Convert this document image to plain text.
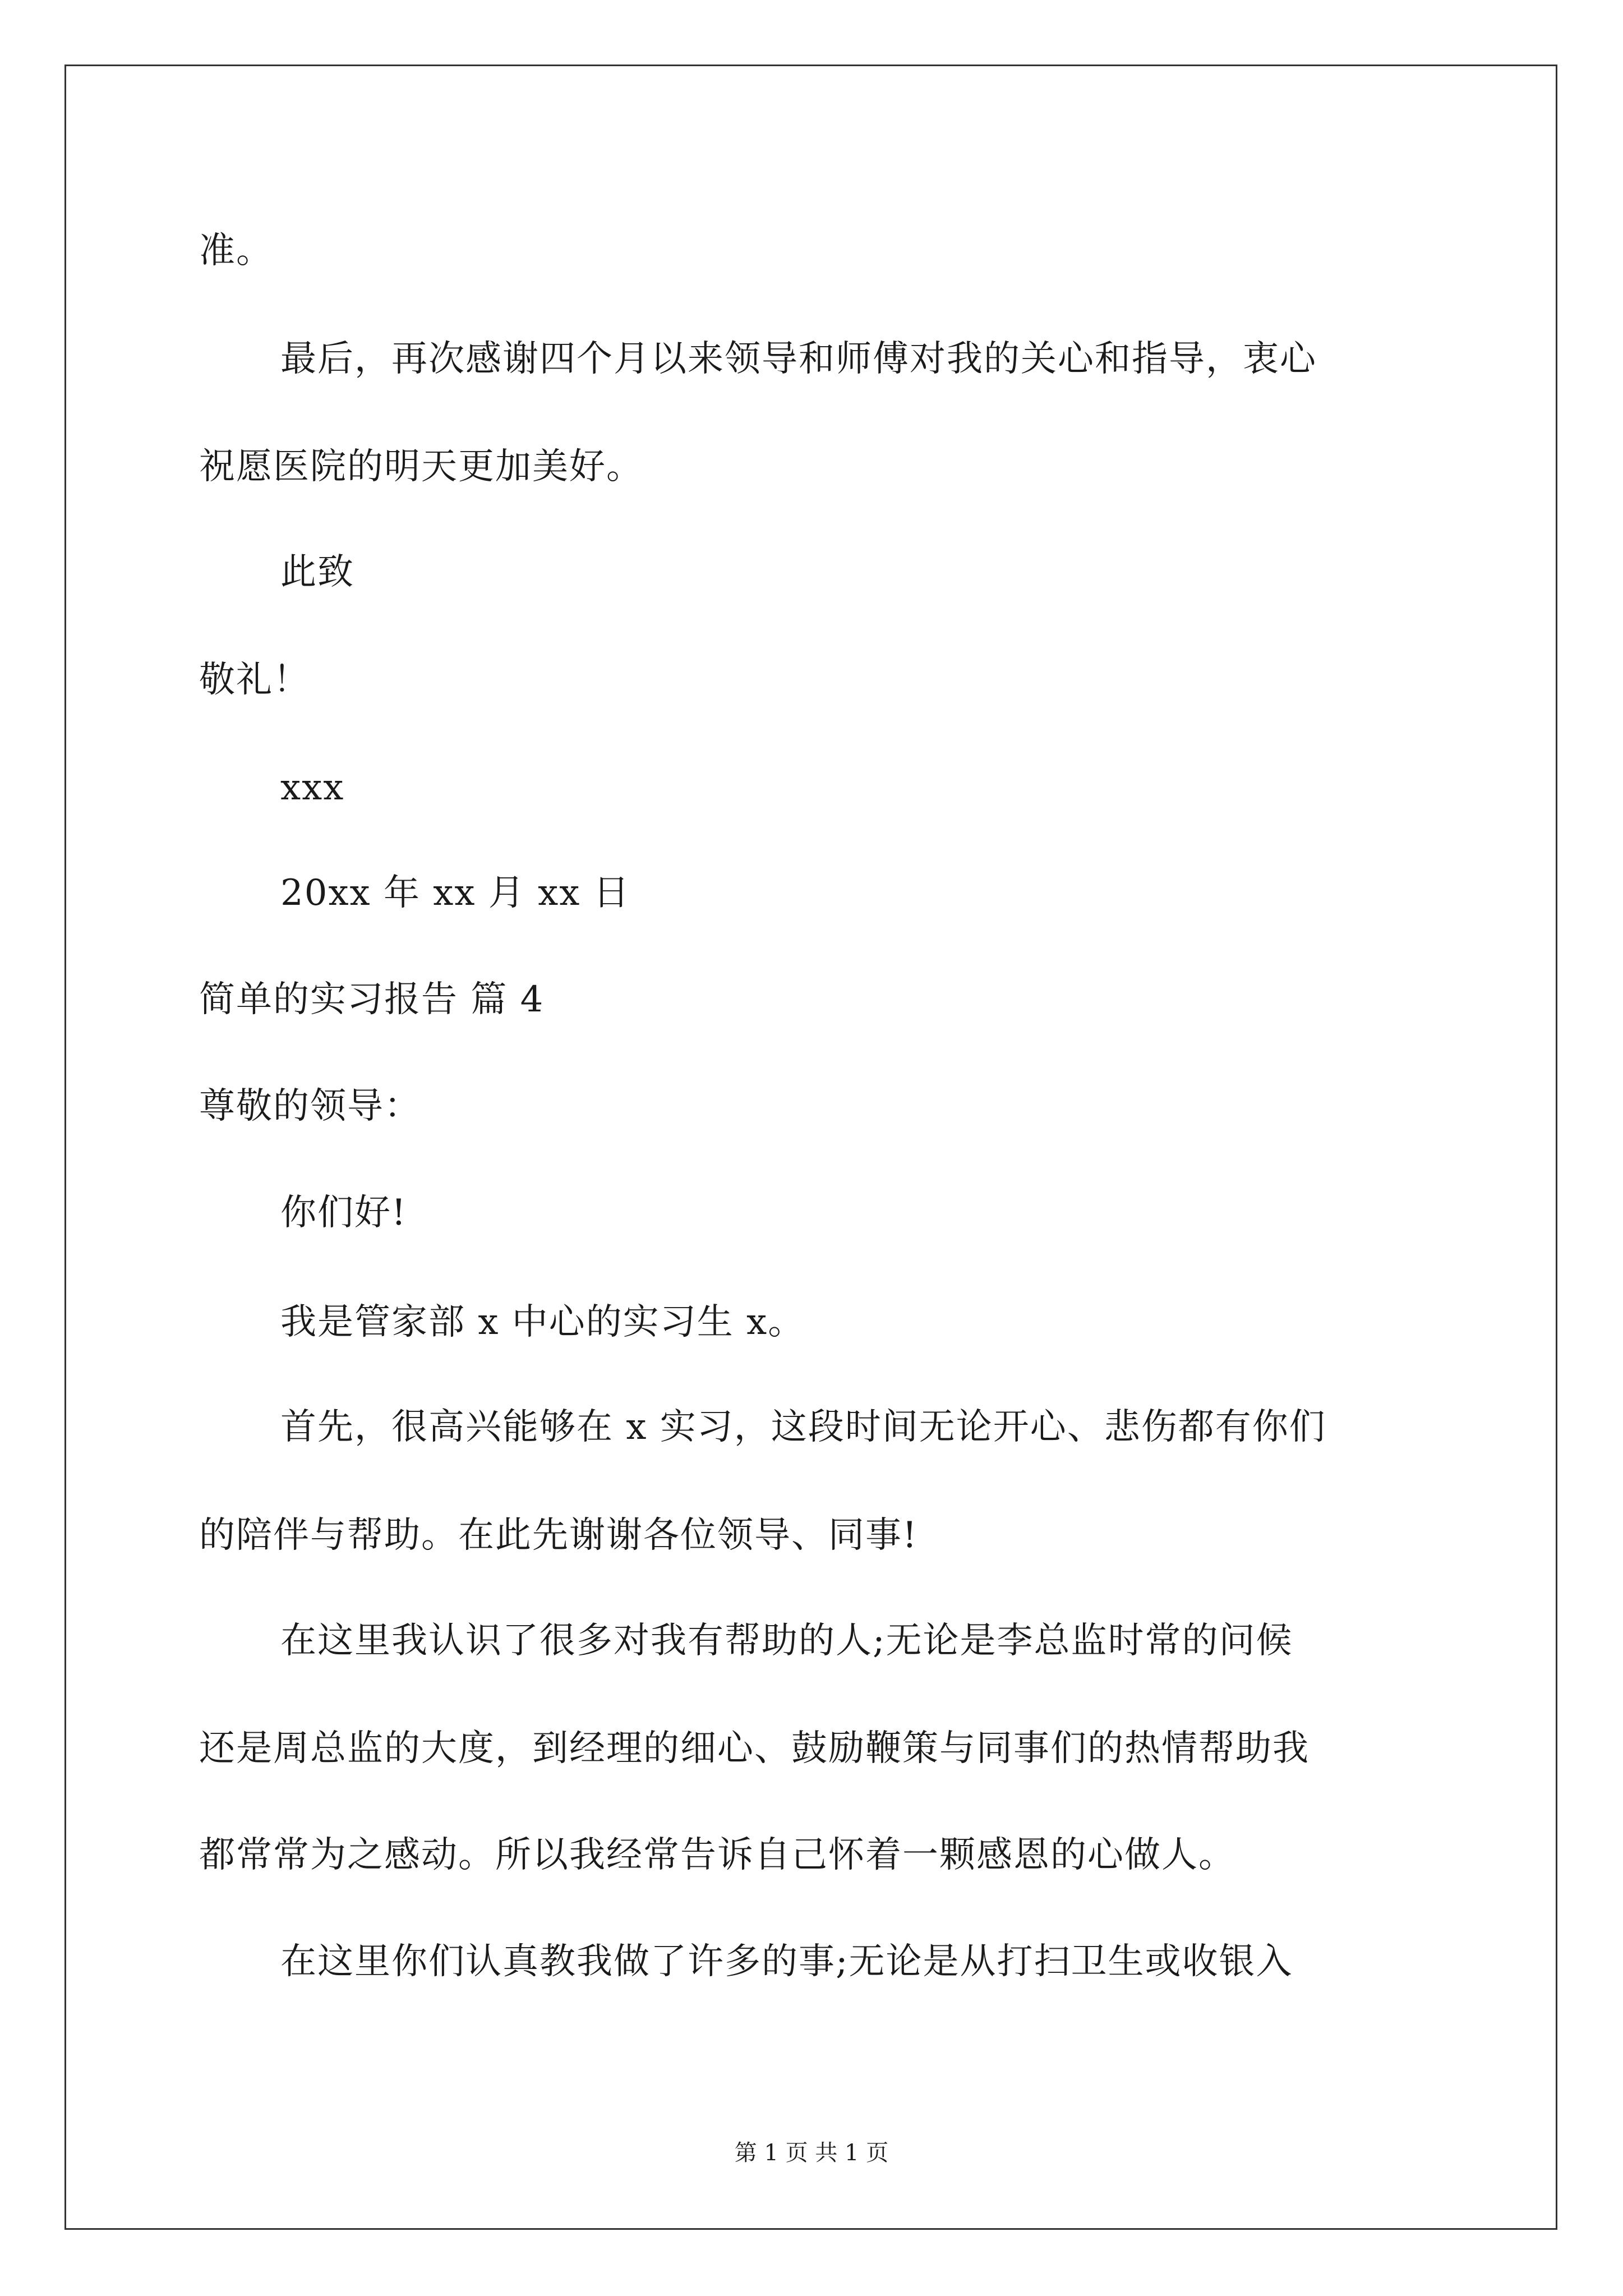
准。
最后，再次感谢四个月以来领导和师傅对我的关心和指导，衷心
祝愿医院的明天更加美好。
此致
敬礼！
xxx
20xx 年 xx 月 xx 日
简单的实习报告 篇 4
尊敬的领导：
你们好!
我是管家部 x 中心的实习生 x。
首先，很高兴能够在 x 实习，这段时间无论开心、悲伤都有你们
的陪伴与帮助。在此先谢谢各位领导、同事!
在这里我认识了很多对我有帮助的人;无论是李总监时常的问候
还是周总监的大度，到经理的细心、鼓励鞭策与同事们的热情帮助我
都常常为之感动。所以我经常告诉自己怀着一颗感恩的心做人。
在这里你们认真教我做了许多的事;无论是从打扫卫生或收银入
第 1 页 共 1 页
